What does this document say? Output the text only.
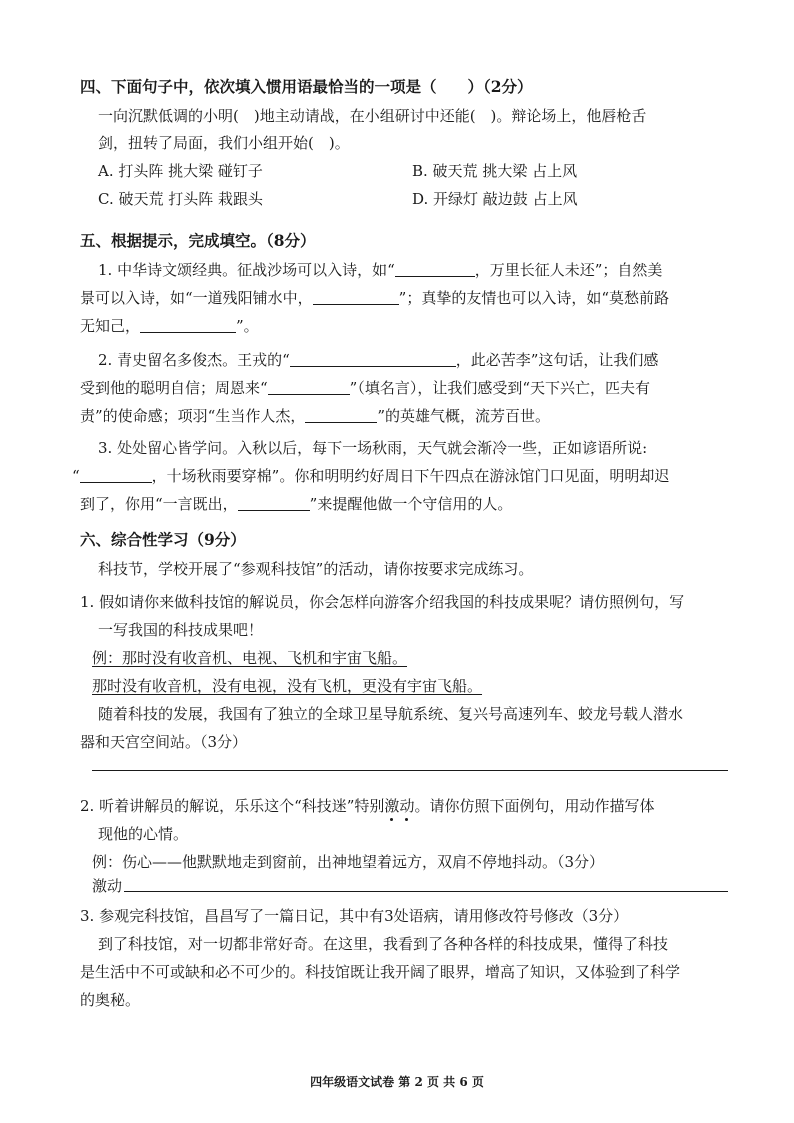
四、下面句子中，依次填入惯用语最恰当的一项是（　　）（2分）
一向沉默低调的小明(　)地主动请战，在小组研讨中还能(　)。辩论场上，他唇枪舌
剑，扭转了局面，我们小组开始(　)。
A. 打头阵 挑大梁 碰钉子	B. 破天荒 挑大梁 占上风
C. 破天荒 打头阵 栽跟头	D. 开绿灯 敲边鼓 占上风
五、根据提示，完成填空。（8分）
1. 中华诗文颂经典。征战沙场可以入诗，如“	，万里长征人未还”；自然美
景可以入诗，如“一道残阳铺水中，	”；真挚的友情也可以入诗，如“莫愁前路
无知己，	”。
2. 青史留名多俊杰。王戎的“	，此必苦李”这句话，让我们感
受到他的聪明自信；周恩来“	”（填名言），让我们感受到“天下兴亡，匹夫有
责”的使命感；项羽“生当作人杰，	”的英雄气概，流芳百世。
3. 处处留心皆学问。入秋以后，每下一场秋雨，天气就会渐冷一些，正如谚语所说:
“	，十场秋雨要穿棉”。你和明明约好周日下午四点在游泳馆门口见面，明明却迟
到了，你用“一言既出，	”来提醒他做一个守信用的人。
六、综合性学习（9分）
科技节，学校开展了“参观科技馆”的活动，请你按要求完成练习。
1. 假如请你来做科技馆的解说员，你会怎样向游客介绍我国的科技成果呢？请仿照例句，写
一写我国的科技成果吧！
例：那时没有收音机、电视、飞机和宇宙飞船。
那时没有收音机，没有电视，没有飞机，更没有宇宙飞船。
随着科技的发展，我国有了独立的全球卫星导航系统、复兴号高速列车、蛟龙号载人潜水
器和天宫空间站。（3分）
2. 听着讲解员的解说，乐乐这个“科技迷”特别激动。请你仿照下面例句，用动作描写体
现他的心情。
例：伤心——他默默地走到窗前，出神地望着远方，双肩不停地抖动。（3分）
激动
3. 参观完科技馆，昌昌写了一篇日记，其中有3处语病，请用修改符号修改（3分）
到了科技馆，对一切都非常好奇。在这里，我看到了各种各样的科技成果，懂得了科技
是生活中不可或缺和必不可少的。科技馆既让我开阔了眼界，增高了知识，又体验到了科学
的奥秘。
四年级语文试卷 第 2 页 共 6 页
